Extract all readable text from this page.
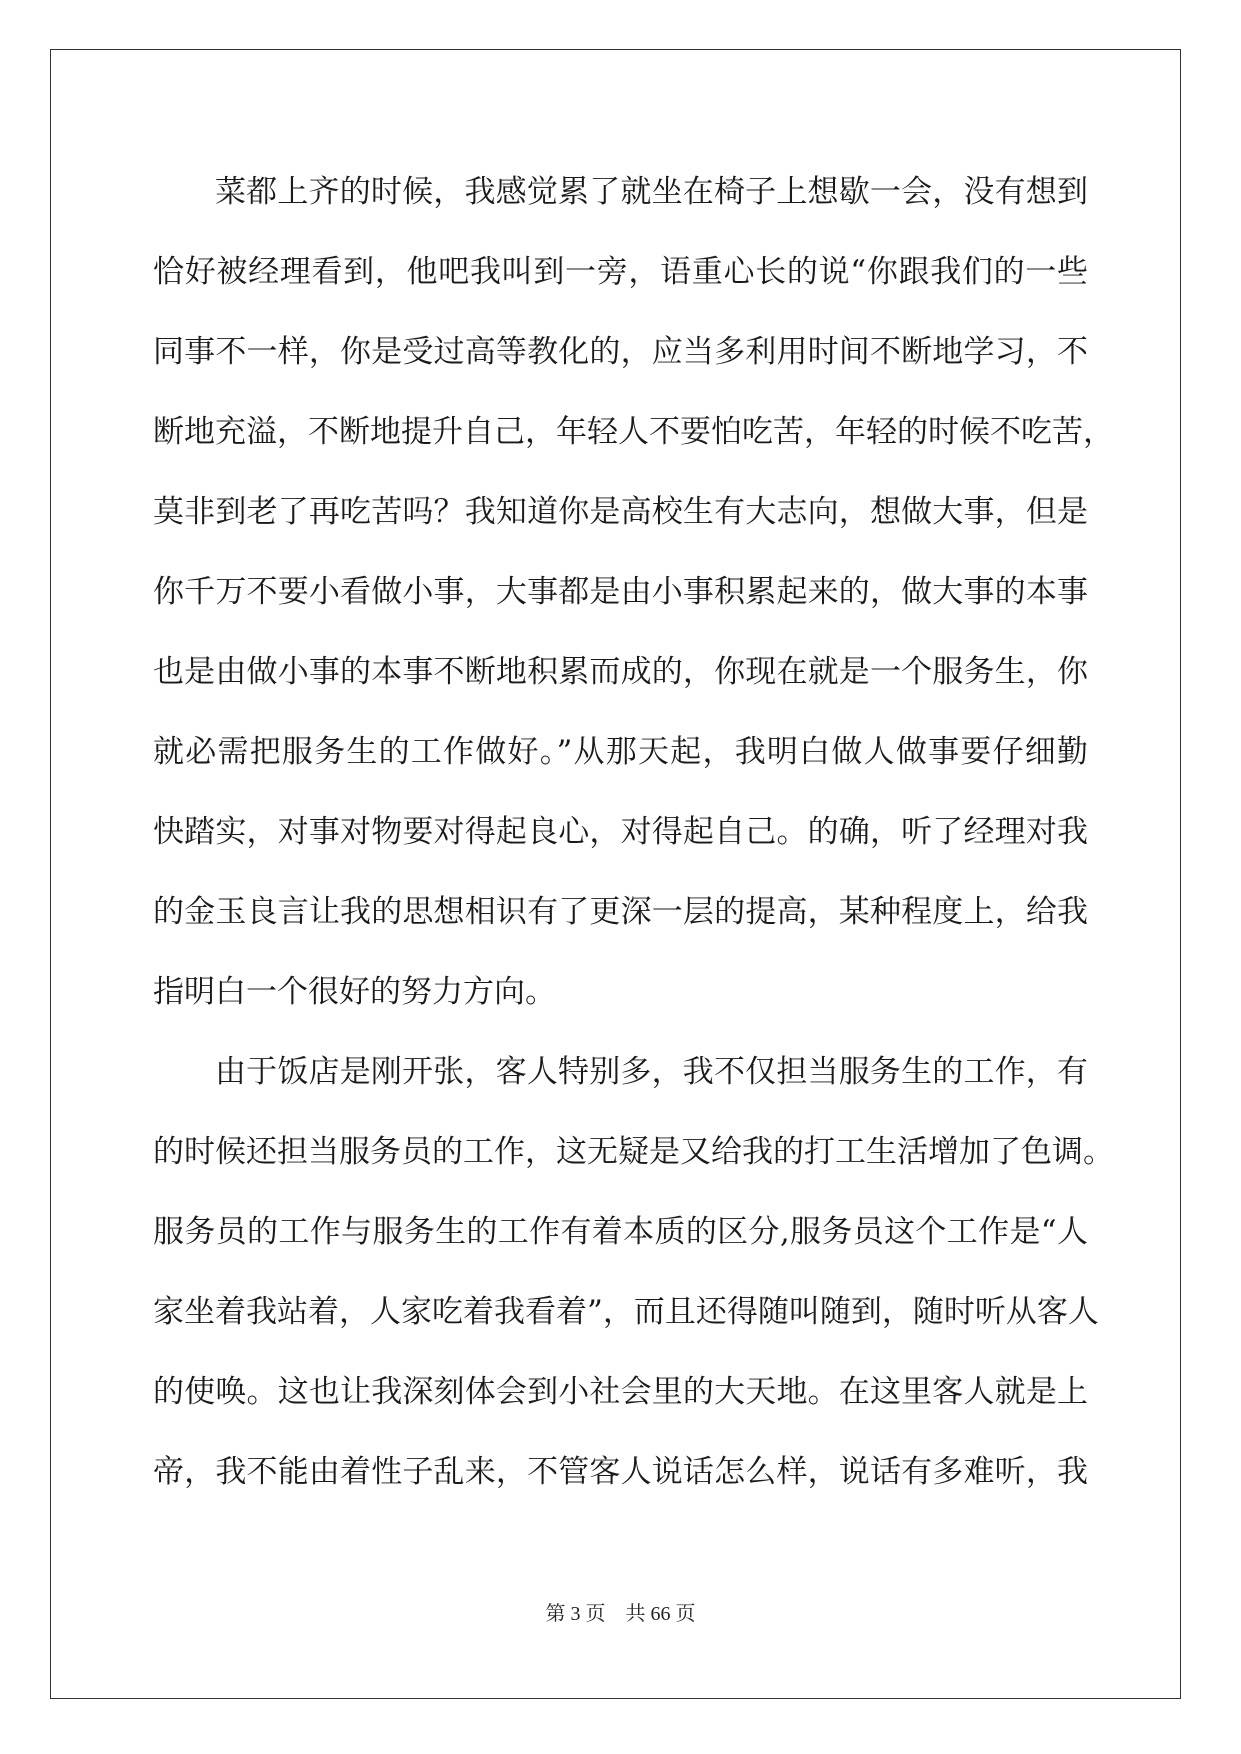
菜都上齐的时候，我感觉累了就坐在椅子上想歇一会，没有想到
恰好被经理看到，他吧我叫到一旁，语重心长的说“你跟我们的一些
同事不一样，你是受过高等教化的，应当多利用时间不断地学习，不
断地充溢，不断地提升自己，年轻人不要怕吃苦，年轻的时候不吃苦，
莫非到老了再吃苦吗？我知道你是高校生有大志向，想做大事，但是
你千万不要小看做小事，大事都是由小事积累起来的，做大事的本事
也是由做小事的本事不断地积累而成的，你现在就是一个服务生，你
就必需把服务生的工作做好。”从那天起，我明白做人做事要仔细勤
快踏实，对事对物要对得起良心，对得起自己。的确，听了经理对我
的金玉良言让我的思想相识有了更深一层的提高，某种程度上，给我
指明白一个很好的努力方向。
由于饭店是刚开张，客人特别多，我不仅担当服务生的工作，有
的时候还担当服务员的工作，这无疑是又给我的打工生活增加了色调。
服务员的工作与服务生的工作有着本质的区分,服务员这个工作是“人
家坐着我站着，人家吃着我看着”，而且还得随叫随到，随时听从客人
的使唤。这也让我深刻体会到小社会里的大天地。在这里客人就是上
帝，我不能由着性子乱来，不管客人说话怎么样，说话有多难听，我
第 3 页    共 66 页
